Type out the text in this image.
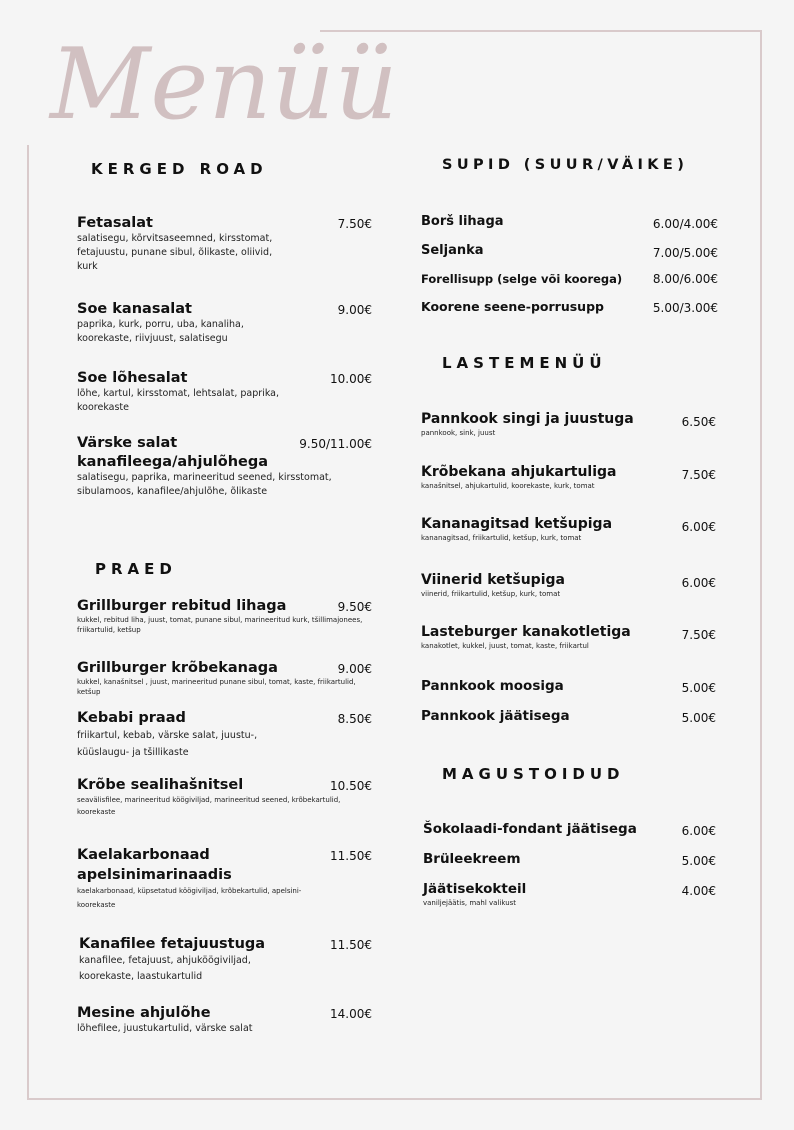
Menüü
KERGED ROAD
Fetasalat	7.50€
salatisegu, kõrvitsaseemned, kirsstomat, fetajuustu, punane sibul, õlikaste, oliivid, kurk
Soe kanasalat	9.00€
paprika, kurk, porru, uba, kanaliha, koorekaste, riivjuust, salatisegu
Soe lõhesalat	10.00€
lõhe, kartul, kirsstomat, lehtsalat, paprika, koorekaste
Värske salat
kanafileega/ahjulõhega
9.50/11.00€
salatisegu, paprika, marineeritud seened, kirsstomat, sibulamoos, kanafilee/ahjulõhe, õlikaste
PRAED
Grillburger rebitud lihaga	9.50€
kukkel, rebitud liha, juust, tomat, punane sibul, marineeritud kurk, tšillimajonees, friikartulid, ketšup
Grillburger krõbekanaga	9.00€
kukkel, kanašnitsel , juust, marineeritud punane sibul, tomat, kaste, friikartulid, ketšup
Kebabi praad	8.50€
friikartul, kebab, värske salat, juustu-, küüslaugu- ja tšillikaste
Krõbe sealihašnitsel	10.50€
seavälisfilee, marineeritud köögiviljad, marineeritud seened, krõbekartulid, koorekaste
Kaelakarbonaad
apelsinimarinaadis
11.50€
kaelakarbonaad, küpsetatud köögiviljad, krõbekartulid, apelsini-koorekaste
Kanafilee fetajuustuga	11.50€
kanafilee, fetajuust, ahjuköögiviljad, koorekaste, laastukartulid
Mesine ahjulõhe	14.00€
lõhefilee, juustukartulid, värske salat
SUPID (SUUR/VÄIKE)
Borš lihaga	6.00/4.00€
Seljanka	7.00/5.00€
Forellisupp (selge või koorega)	8.00/6.00€
Koorene seene-porrusupp	5.00/3.00€
LASTEMENÜÜ
Pannkook singi ja juustuga	6.50€
pannkook, sink, juust
Krõbekana ahjukartuliga	7.50€
kanašnitsel, ahjukartulid, koorekaste, kurk, tomat
Kananagitsad ketšupiga	6.00€
kananagitsad, friikartulid, ketšup, kurk, tomat
Viinerid ketšupiga	6.00€
viinerid, friikartulid, ketšup, kurk, tomat
Lasteburger kanakotletiga	7.50€
kanakotlet, kukkel, juust, tomat, kaste, friikartul
Pannkook moosiga	5.00€
Pannkook jäätisega	5.00€
MAGUSTOIDUD
Šokolaadi-fondant jäätisega	6.00€
Brüleekreem	5.00€
Jäätisekokteil	4.00€
vaniljejäätis, mahl valikust
